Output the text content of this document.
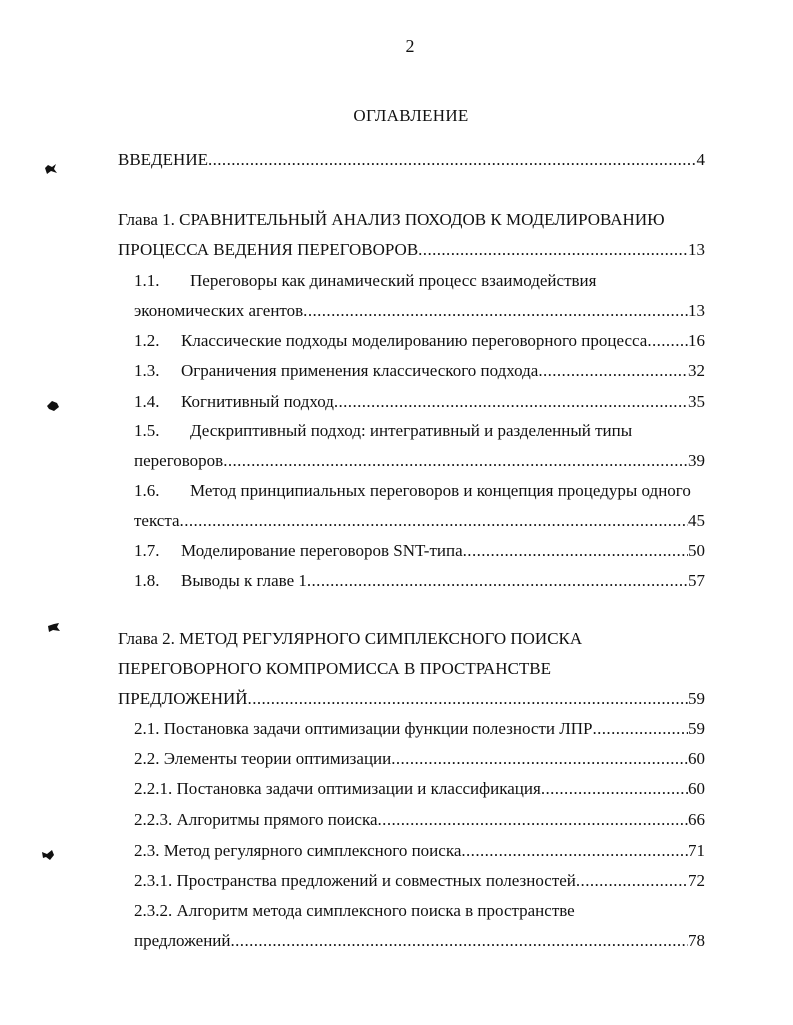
2
ОГЛАВЛЕНИЕ
ВВЕДЕНИЕ .....	4
Глава 1. СРАВНИТЕЛЬНЫЙ АНАЛИЗ ПОХОДОВ К МОДЕЛИРОВАНИЮ
ПРОЦЕССА ВЕДЕНИЯ ПЕРЕГОВОРОВ .....	13
1.1. Переговоры как динамический процесс взаимодействия
экономических агентов .....	13
1.2.	Классические подходы моделированию переговорного процесса ..... 16
1.3.	Ограничения применения классического подхода .....	32
1.4.	Когнитивный подход .....	35
1.5. Дескриптивный подход: интегративный и разделенный типы
переговоров .....	39
1.6. Метод принципиальных переговоров и концепция процедуры одного
текста .....	45
1.7.	Моделирование переговоров SNT-типа .....	50
1.8.	Выводы к главе 1 .....	57
Глава 2. МЕТОД РЕГУЛЯРНОГО СИМПЛЕКСНОГО ПОИСКА
ПЕРЕГОВОРНОГО КОМПРОМИССА В ПРОСТРАНСТВЕ
ПРЕДЛОЖЕНИЙ .....	59
2.1. Постановка задачи оптимизации функции полезности ЛПР .....	59
2.2. Элементы теории оптимизации .....	60
2.2.1. Постановка задачи оптимизации и классификация .....	60
2.2.3. Алгоритмы прямого поиска .....	66
2.3. Метод регулярного симплексного поиска .....	71
2.3.1. Пространства предложений и совместных полезностей .....	72
2.3.2. Алгоритм метода симплексного поиска в пространстве
предложений .....	78
